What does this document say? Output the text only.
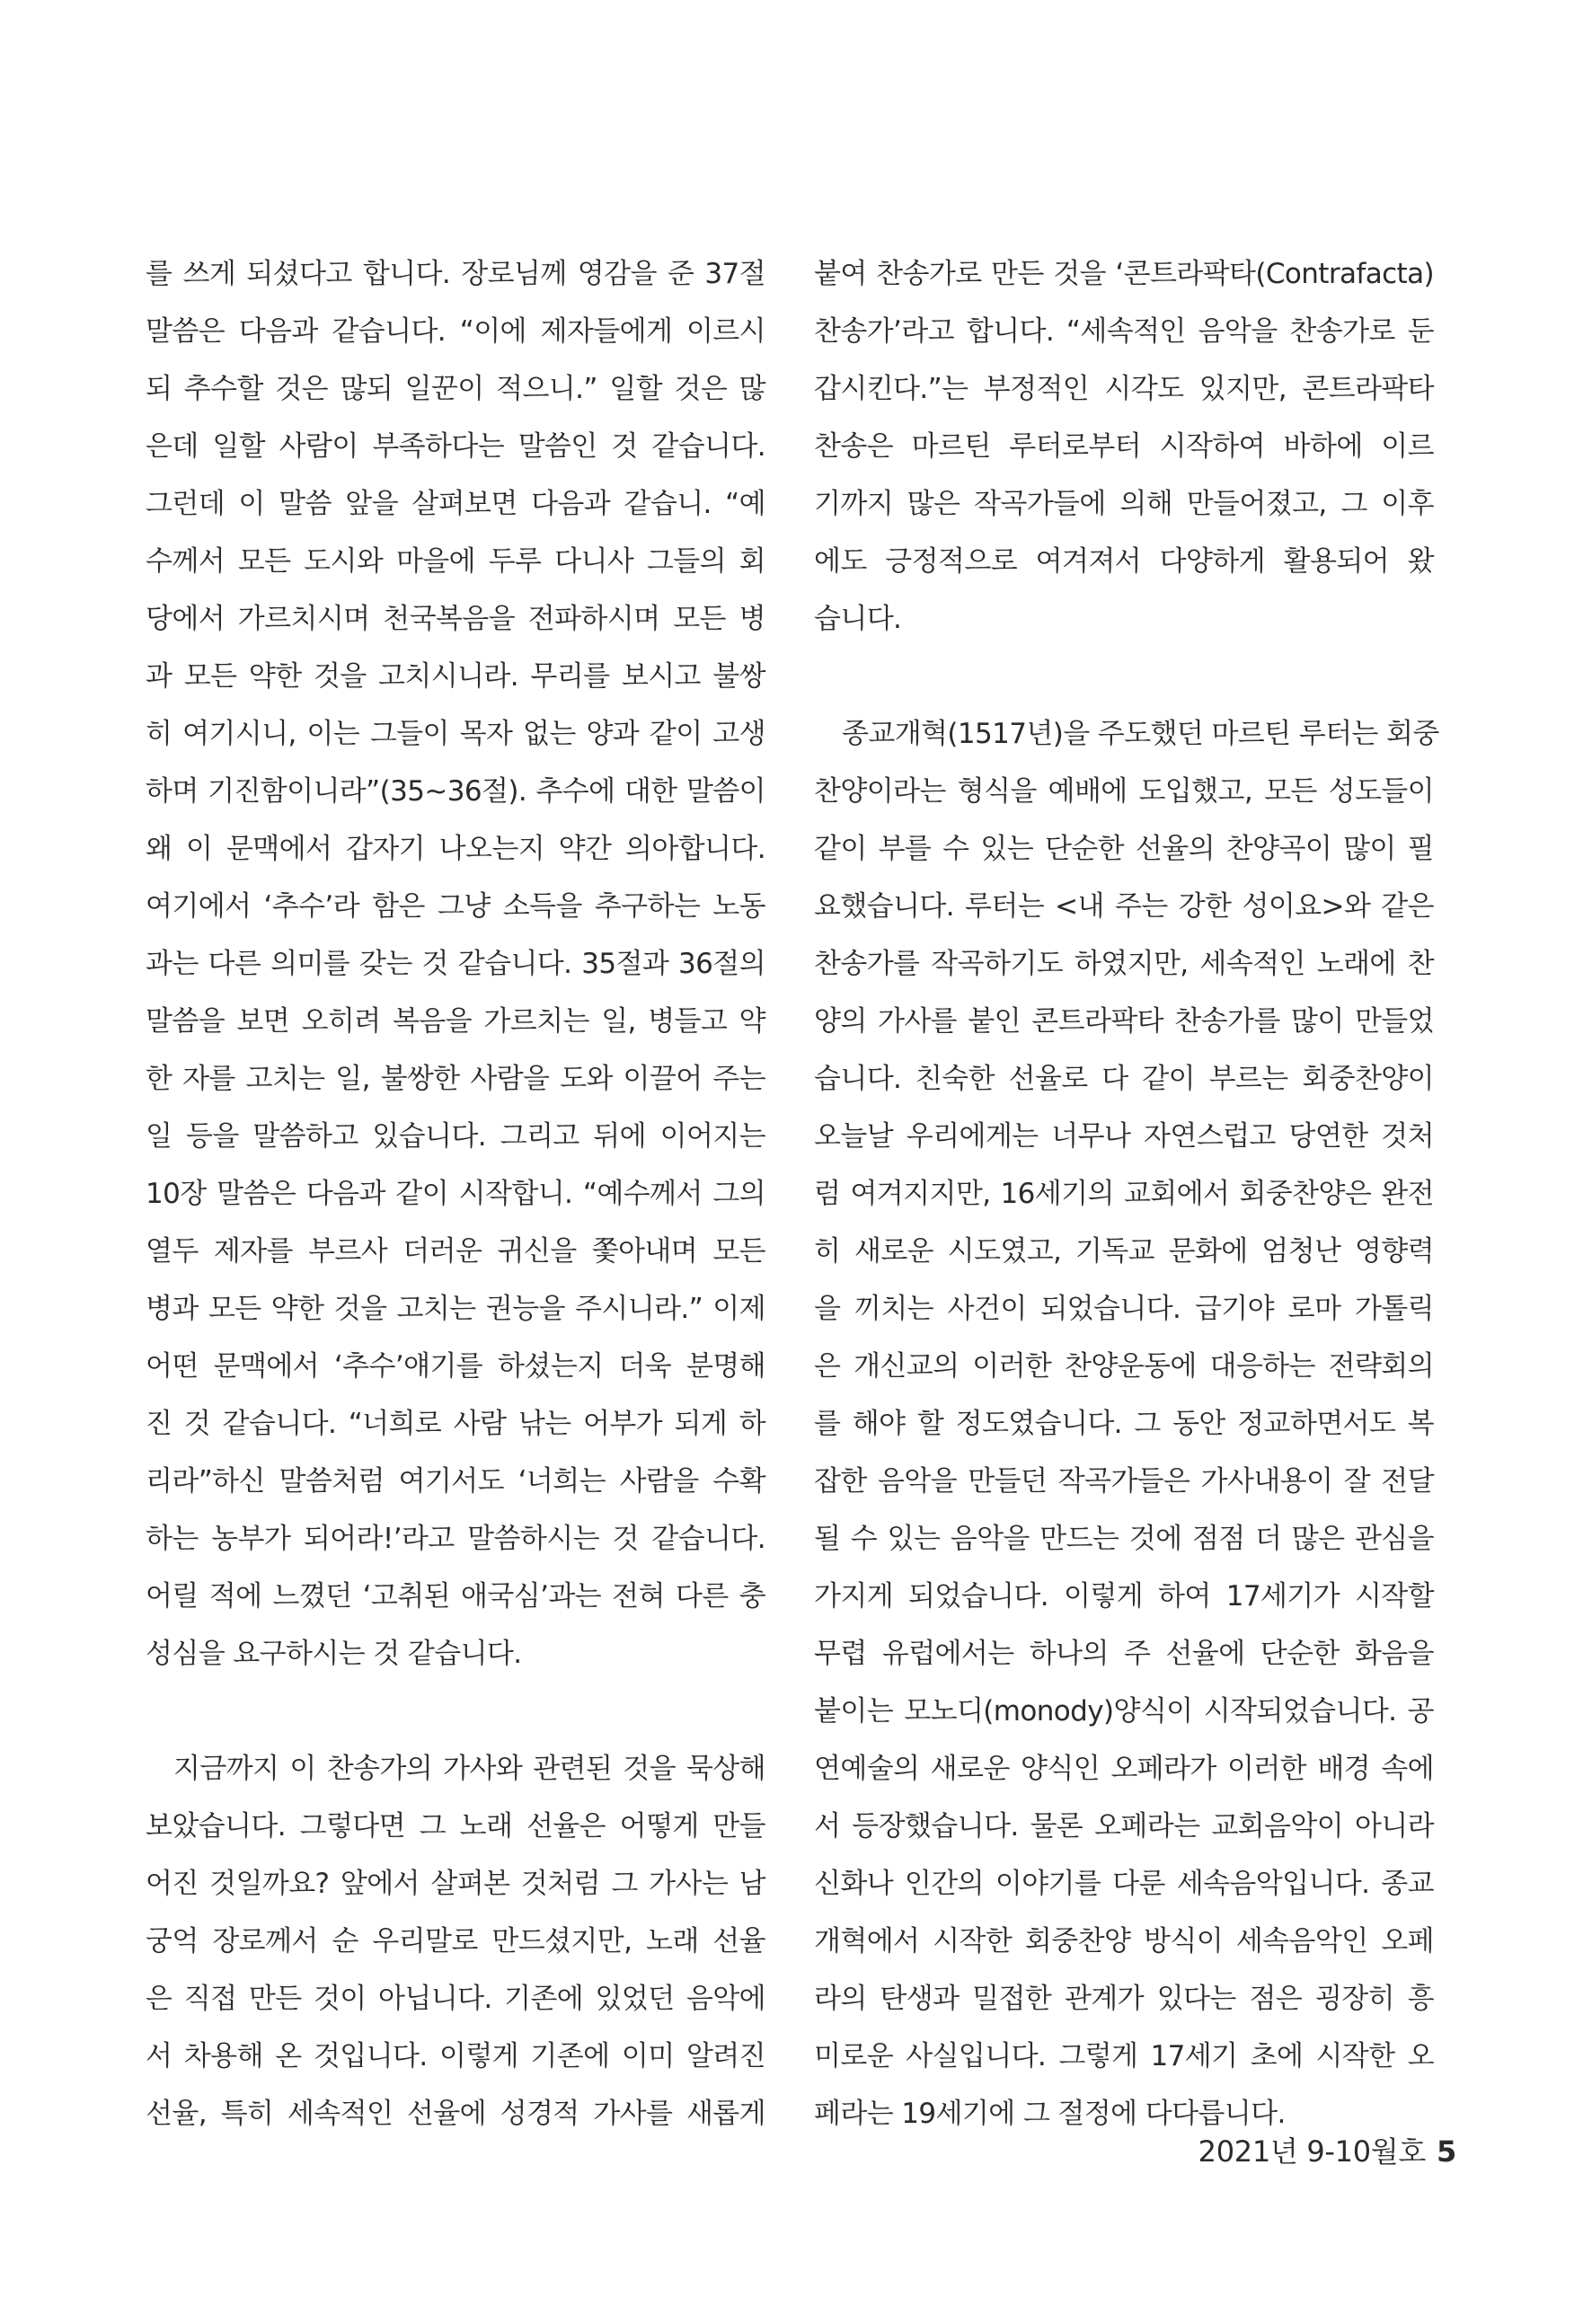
를 쓰게 되셨다고 합니다. 장로님께 영감을 준 37절
말씀은 다음과 같습니다. “이에 제자들에게 이르시
되 추수할 것은 많되 일꾼이 적으니.” 일할 것은 많
은데 일할 사람이 부족하다는 말씀인 것 같습니다.
그런데 이 말씀 앞을 살펴보면 다음과 같습니. “예
수께서 모든 도시와 마을에 두루 다니사 그들의 회
당에서 가르치시며 천국복음을 전파하시며 모든 병
과 모든 약한 것을 고치시니라. 무리를 보시고 불쌍
히 여기시니, 이는 그들이 목자 없는 양과 같이 고생
하며 기진함이니라”(35~36절). 추수에 대한 말씀이
왜 이 문맥에서 갑자기 나오는지 약간 의아합니다.
여기에서 ‘추수’라 함은 그냥 소득을 추구하는 노동
과는 다른 의미를 갖는 것 같습니다. 35절과 36절의
말씀을 보면 오히려 복음을 가르치는 일, 병들고 약
한 자를 고치는 일, 불쌍한 사람을 도와 이끌어 주는
일 등을 말씀하고 있습니다. 그리고 뒤에 이어지는
10장 말씀은 다음과 같이 시작합니. “예수께서 그의
열두 제자를 부르사 더러운 귀신을 쫓아내며 모든
병과 모든 약한 것을 고치는 권능을 주시니라.” 이제
어떤 문맥에서 ‘추수’얘기를 하셨는지 더욱 분명해
진 것 같습니다. “너희로 사람 낚는 어부가 되게 하
리라”하신 말씀처럼 여기서도 ‘너희는 사람을 수확
하는 농부가 되어라!’라고 말씀하시는 것 같습니다.
어릴 적에 느꼈던 ‘고취된 애국심’과는 전혀 다른 충
성심을 요구하시는 것 같습니다.
지금까지 이 찬송가의 가사와 관련된 것을 묵상해
보았습니다. 그렇다면 그 노래 선율은 어떻게 만들
어진 것일까요? 앞에서 살펴본 것처럼 그 가사는 남
궁억 장로께서 순 우리말로 만드셨지만, 노래 선율
은 직접 만든 것이 아닙니다. 기존에 있었던 음악에
서 차용해 온 것입니다. 이렇게 기존에 이미 알려진
선율, 특히 세속적인 선율에 성경적 가사를 새롭게
붙여 찬송가로 만든 것을 ‘콘트라팍타(Contrafacta)
찬송가’라고 합니다. “세속적인 음악을 찬송가로 둔
갑시킨다.”는 부정적인 시각도 있지만, 콘트라팍타
찬송은 마르틴 루터로부터 시작하여 바하에 이르
기까지 많은 작곡가들에 의해 만들어졌고, 그 이후
에도 긍정적으로 여겨져서 다양하게 활용되어 왔
습니다.
종교개혁(1517년)을 주도했던 마르틴 루터는 회중
찬양이라는 형식을 예배에 도입했고, 모든 성도들이
같이 부를 수 있는 단순한 선율의 찬양곡이 많이 필
요했습니다. 루터는 <내 주는 강한 성이요>와 같은
찬송가를 작곡하기도 하였지만, 세속적인 노래에 찬
양의 가사를 붙인 콘트라팍타 찬송가를 많이 만들었
습니다. 친숙한 선율로 다 같이 부르는 회중찬양이
오늘날 우리에게는 너무나 자연스럽고 당연한 것처
럼 여겨지지만, 16세기의 교회에서 회중찬양은 완전
히 새로운 시도였고, 기독교 문화에 엄청난 영향력
을 끼치는 사건이 되었습니다. 급기야 로마 가톨릭
은 개신교의 이러한 찬양운동에 대응하는 전략회의
를 해야 할 정도였습니다. 그 동안 정교하면서도 복
잡한 음악을 만들던 작곡가들은 가사내용이 잘 전달
될 수 있는 음악을 만드는 것에 점점 더 많은 관심을
가지게 되었습니다. 이렇게 하여 17세기가 시작할
무렵 유럽에서는 하나의 주 선율에 단순한 화음을
붙이는 모노디(monody)양식이 시작되었습니다. 공
연예술의 새로운 양식인 오페라가 이러한 배경 속에
서 등장했습니다. 물론 오페라는 교회음악이 아니라
신화나 인간의 이야기를 다룬 세속음악입니다. 종교
개혁에서 시작한 회중찬양 방식이 세속음악인 오페
라의 탄생과 밀접한 관계가 있다는 점은 굉장히 흥
미로운 사실입니다. 그렇게 17세기 초에 시작한 오
페라는 19세기에 그 절정에 다다릅니다.
2021년 9-10월호 5
